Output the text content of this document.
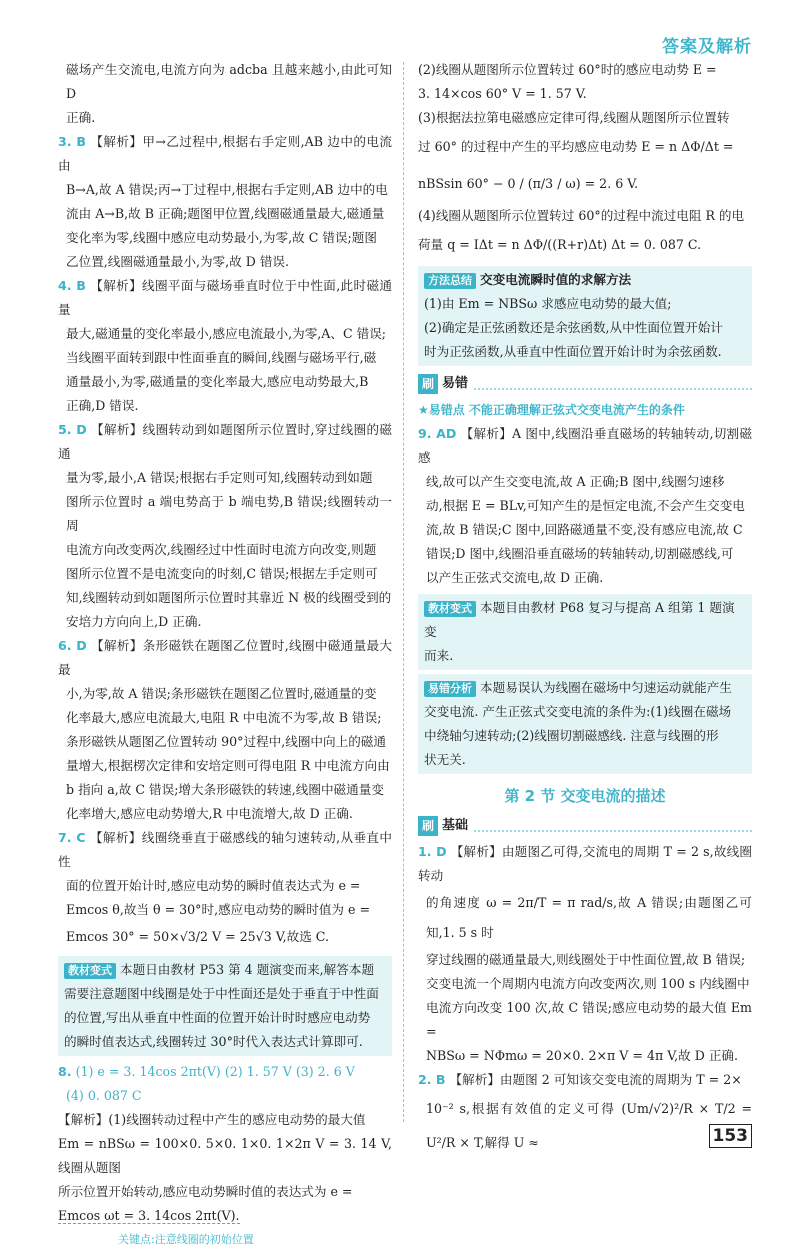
答案及解析

磁场产生交流电,电流方向为 adcba 且越来越小,由此可知 D

正确.

3. B 【解析】甲→乙过程中,根据右手定则,AB 边中的电流由

B→A,故 A 错误;丙→丁过程中,根据右手定则,AB 边中的电

流由 A→B,故 B 正确;题图甲位置,线圈磁通量最大,磁通量

变化率为零,线圈中感应电动势最小,为零,故 C 错误;题图

乙位置,线圈磁通量最小,为零,故 D 错误.

4. B 【解析】线圈平面与磁场垂直时位于中性面,此时磁通量

最大,磁通量的变化率最小,感应电流最小,为零,A、C 错误;

当线圈平面转到跟中性面垂直的瞬间,线圈与磁场平行,磁

通量最小,为零,磁通量的变化率最大,感应电动势最大,B

正确,D 错误.

5. D 【解析】线圈转动到如题图所示位置时,穿过线圈的磁通

量为零,最小,A 错误;根据右手定则可知,线圈转动到如题

图所示位置时 a 端电势高于 b 端电势,B 错误;线圈转动一周

电流方向改变两次,线圈经过中性面时电流方向改变,则题

图所示位置不是电流变向的时刻,C 错误;根据左手定则可

知,线圈转动到如题图所示位置时其靠近 N 极的线圈受到的

安培力方向向上,D 正确.

6. D 【解析】条形磁铁在题图乙位置时,线圈中磁通量最大最

小,为零,故 A 错误;条形磁铁在题图乙位置时,磁通量的变

化率最大,感应电流最大,电阻 R 中电流不为零,故 B 错误;

条形磁铁从题图乙位置转动 90°过程中,线圈中向上的磁通

量增大,根据楞次定律和安培定则可得电阻 R 中电流方向由

b 指向 a,故 C 错误;增大条形磁铁的转速,线圈中磁通量变

化率增大,感应电动势增大,R 中电流增大,故 D 正确.

7. C 【解析】线圈绕垂直于磁感线的轴匀速转动,从垂直中性

面的位置开始计时,感应电动势的瞬时值表达式为 e =

Emcos θ,故当 θ = 30°时,感应电动势的瞬时值为 e =

Emcos 30° = 50×√3/2 V = 25√3 V,故选 C.

教材变式 本题日由教材 P53 第 4 题演变而来,解答本题

需要注意题图中线圈是处于中性面还是处于垂直于中性面

的位置,写出从垂直中性面的位置开始计时时感应电动势

的瞬时值表达式,线圈转过 30°时代入表达式计算即可.

8. (1) e = 3. 14cos 2πt(V) (2) 1. 57 V (3) 2. 6 V

(4) 0. 087 C

【解析】(1)线圈转动过程中产生的感应电动势的最大值

Em = nBSω = 100×0. 5×0. 1×0. 1×2π V = 3. 14 V,线圈从题图

所示位置开始转动,感应电动势瞬时值的表达式为 e =

Emcos ωt = 3. 14cos 2πt(V).

关键点:注意线圈的初始位置

(2)线圈从题图所示位置转过 60°时的感应电动势 E =

3. 14×cos 60° V = 1. 57 V.

(3)根据法拉第电磁感应定律可得,线圈从题图所示位置转

过 60° 的过程中产生的平均感应电动势 E = n ΔΦ/Δt =

nBSsin 60° − 0 / (π/3 / ω) = 2. 6 V.

(4)线圈从题图所示位置转过 60°的过程中流过电阻 R 的电

荷量 q = IΔt = n ΔΦ/((R+r)Δt) Δt = 0. 087 C.

方法总结 交变电流瞬时值的求解方法

(1)由 Em = NBSω 求感应电动势的最大值;

(2)确定是正弦函数还是余弦函数,从中性面位置开始计

时为正弦函数,从垂直中性面位置开始计时为余弦函数.

刷 易错

★易错点 不能正确理解正弦式交变电流产生的条件

9. AD 【解析】A 图中,线圈沿垂直磁场的转轴转动,切割磁感

线,故可以产生交变电流,故 A 正确;B 图中,线圈匀速移

动,根据 E = BLv,可知产生的是恒定电流,不会产生交变电

流,故 B 错误;C 图中,回路磁通量不变,没有感应电流,故 C

错误;D 图中,线圈沿垂直磁场的转轴转动,切割磁感线,可

以产生正弦式交流电,故 D 正确.

教材变式 本题目由教材 P68 复习与提高 A 组第 1 题演变

而来.

易错分析 本题易误认为线圈在磁场中匀速运动就能产生

交变电流. 产生正弦式交变电流的条件为:(1)线圈在磁场

中绕轴匀速转动;(2)线圈切割磁感线. 注意与线圈的形

状无关.

第 2 节 交变电流的描述
刷 基础

1. D 【解析】由题图乙可得,交流电的周期 T = 2 s,故线圈转动

的角速度 ω = 2π/T = π rad/s,故 A 错误;由题图乙可知,1. 5 s 时

穿过线圈的磁通量最大,则线圈处于中性面位置,故 B 错误;

交变电流一个周期内电流方向改变两次,则 100 s 内线圈中

电流方向改变 100 次,故 C 错误;感应电动势的最大值 Em =

NBSω = NΦmω = 20×0. 2×π V = 4π V,故 D 正确.

2. B 【解析】由题图 2 可知该交变电流的周期为 T = 2×

10⁻² s,根据有效值的定义可得 (Um/√2)²/R × T/2 = U²/R × T,解得 U ≈	153
